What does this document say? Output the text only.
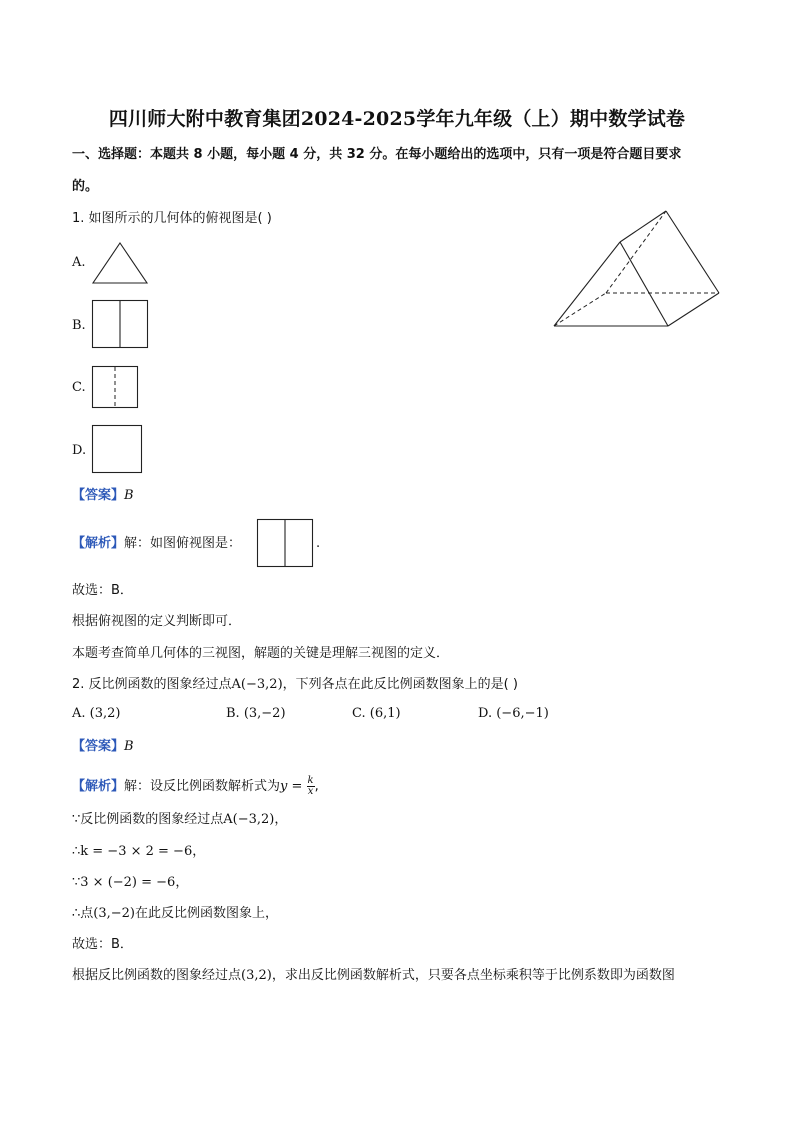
四川师大附中教育集团2024-2025学年九年级（上）期中数学试卷
一、选择题：本题共 8 小题，每小题 4 分，共 32 分。在每小题给出的选项中，只有一项是符合题目要求
的。
1. 如图所示的几何体的俯视图是( )
A.
B.
C.
D.
【答案】B
【解析】解：如图俯视图是：	.
故选：B．
根据俯视图的定义判断即可．
本题考查简单几何体的三视图，解题的关键是理解三视图的定义．
2. 反比例函数的图象经过点A(−3,2)，下列各点在此反比例函数图象上的是( )
A. (3,2)	B. (3,−2)	C. (6,1)	D. (−6,−1)
【答案】B
【解析】解：设反比例函数解析式为$y = \frac{k}{x}$ ,
∵反比例函数的图象经过点A(−3,2)，
∴k = −3 × 2 = −6，
∵3 × (−2) = −6，
∴点(3,−2)在此反比例函数图象上，
故选：B．
根据反比例函数的图象经过点(3,2)，求出反比例函数解析式，只要各点坐标乘积等于比例系数即为函数图
